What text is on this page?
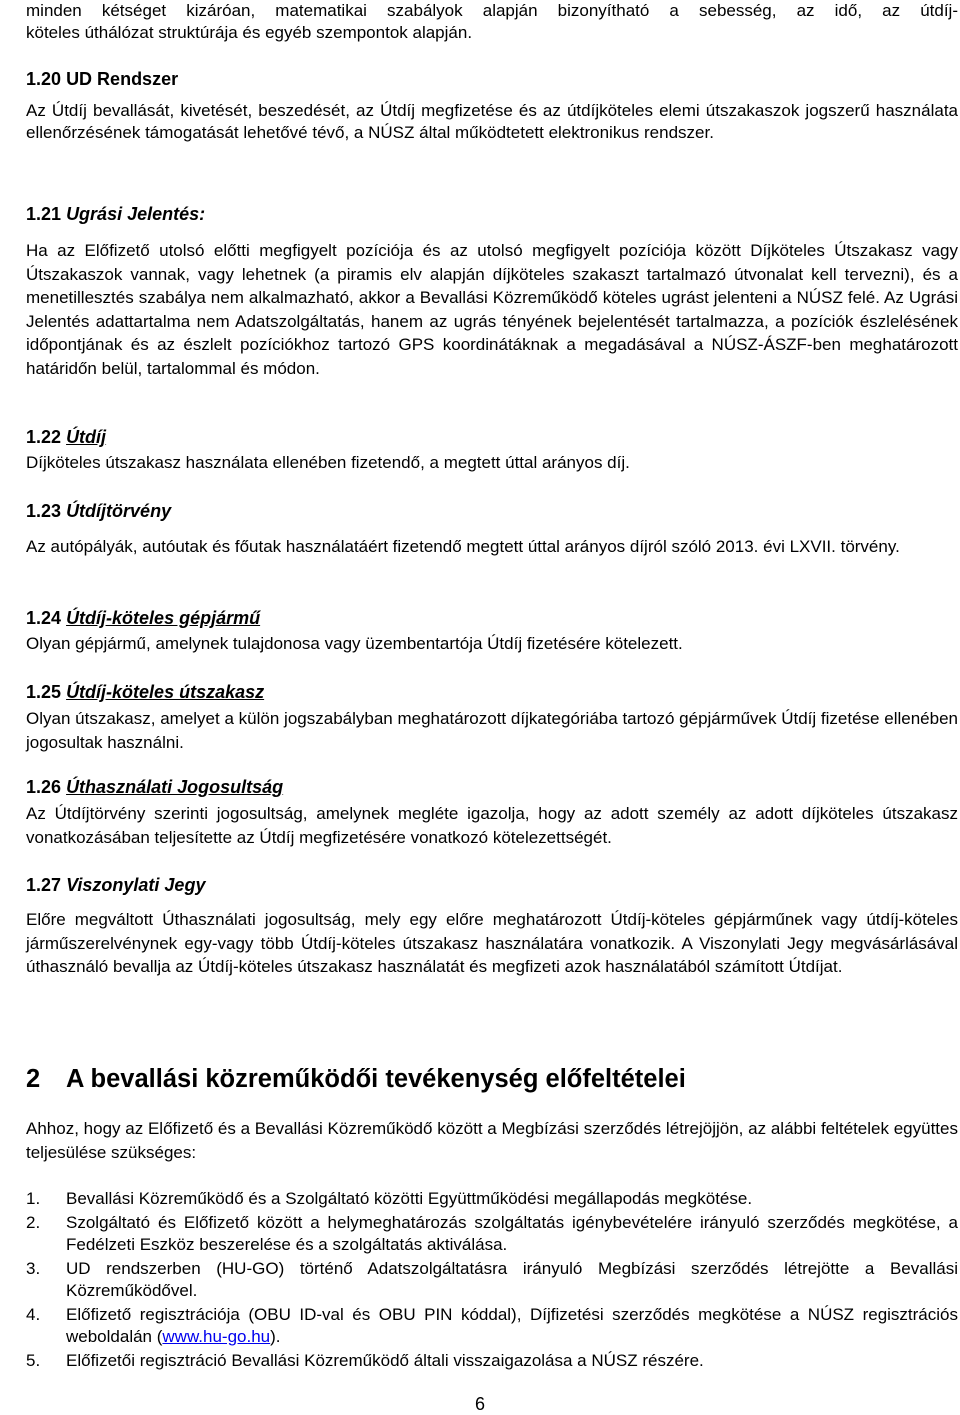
minden kétséget kizáróan, matematikai szabályok alapján bizonyítható a sebesség, az idő, az útdíj-

köteles úthálózat struktúrája és egyéb szempontok alapján.

1.20 UD Rendszer

Az Útdíj bevallását, kivetését, beszedését, az Útdíj megfizetése és az útdíjköteles elemi útszakaszok jogszerű használata ellenőrzésének támogatását lehetővé tévő, a NÚSZ által működtetett elektronikus rendszer.

1.21 Ugrási Jelentés:

Ha az Előfizető utolsó előtti megfigyelt pozíciója és az utolsó megfigyelt pozíciója között Díjköteles Útszakasz vagy Útszakaszok vannak, vagy lehetnek (a piramis elv alapján díjköteles szakaszt tartalmazó útvonalat kell tervezni), és a menetillesztés szabálya nem alkalmazható, akkor a Bevallási Közreműködő köteles ugrást jelenteni a NÚSZ felé. Az Ugrási Jelentés adattartalma nem Adatszolgáltatás, hanem az ugrás tényének bejelentését tartalmazza, a pozíciók észlelésének időpontjának és az észlelt pozíciókhoz tartozó GPS koordinátáknak a megadásával a NÚSZ-ÁSZF-ben meghatározott határidőn belül, tartalommal és módon.

1.22 Útdíj

Díjköteles útszakasz használata ellenében fizetendő, a megtett úttal arányos díj.

1.23 Útdíjtörvény

Az autópályák, autóutak és főutak használatáért fizetendő megtett úttal arányos díjról szóló 2013. évi LXVII. törvény.

1.24 Útdíj-köteles gépjármű

Olyan gépjármű, amelynek tulajdonosa vagy üzembentartója Útdíj fizetésére kötelezett.

1.25 Útdíj-köteles útszakasz

Olyan útszakasz, amelyet a külön jogszabályban meghatározott díjkategóriába tartozó gépjárművek Útdíj fizetése ellenében jogosultak használni.

1.26 Úthasználati Jogosultság

Az Útdíjtörvény szerinti jogosultság, amelynek megléte igazolja, hogy az adott személy az adott díjköteles útszakasz vonatkozásában teljesítette az Útdíj megfizetésére vonatkozó kötelezettségét.

1.27 Viszonylati Jegy

Előre megváltott Úthasználati jogosultság, mely egy előre meghatározott Útdíj-köteles gépjárműnek vagy útdíj-köteles járműszerelvénynek egy-vagy több Útdíj-köteles útszakasz használatára vonatkozik. A Viszonylati Jegy megvásárlásával úthasználó bevallja az Útdíj-köteles útszakasz használatát és megfizeti azok használatából számított Útdíjat.

2 A bevallási közreműködői tevékenység előfeltételei

Ahhoz, hogy az Előfizető és a Bevallási Közreműködő között a Megbízási szerződés létrejöjjön, az alábbi feltételek együttes teljesülése szükséges:

1. Bevallási Közreműködő és a Szolgáltató közötti Együttműködési megállapodás megkötése.
2. Szolgáltató és Előfizető között a helymeghatározás szolgáltatás igénybevételére irányuló szerződés megkötése, a Fedélzeti Eszköz beszerelése és a szolgáltatás aktiválása.
3. UD rendszerben (HU-GO) történő Adatszolgáltatásra irányuló Megbízási szerződés létrejötte a Bevallási Közreműködővel.
4. Előfizető regisztrációja (OBU ID-val és OBU PIN kóddal), Díjfizetési szerződés megkötése a NÚSZ regisztrációs weboldalán (www.hu-go.hu).
5. Előfizetői regisztráció Bevallási Közreműködő általi visszaigazolása a NÚSZ részére.
6
